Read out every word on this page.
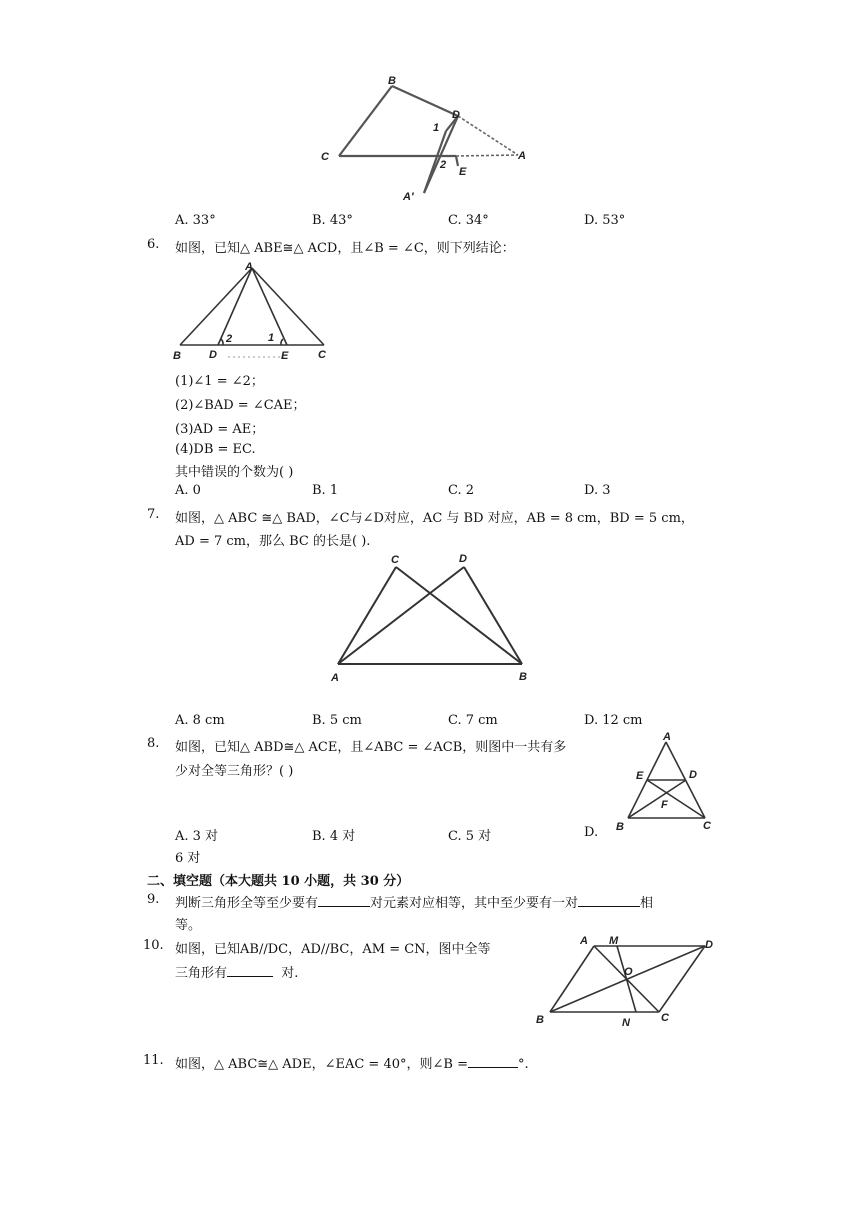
B
D
1
C
2
A
E
A′
A. 33°	B. 43°	C. 34°	D. 53°
6. 如图，已知△ ABE≅△ ACD，且∠B = ∠C，则下列结论：
A
B	D	E	C
2	1
(1)∠1 = ∠2；
(2)∠BAD = ∠CAE；
(3)AD = AE；
(4)DB = EC.
其中错误的个数为( )
A. 0	B. 1	C. 2	D. 3
7. 如图，△ ABC ≅△ BAD，∠C与∠D对应，AC 与 BD 对应，AB = 8 cm，BD = 5 cm，
AD = 7 cm，那么 BC 的长是( ).
C	D
A	B
A. 8 cm	B. 5 cm	C. 7 cm	D. 12 cm
8. 如图，已知△ ABD≅△ ACE，且∠ABC = ∠ACB，则图中一共有多
少对全等三角形？( )
A
E	D
F
B	C
A. 3 对	B. 4 对	C. 5 对	D.
6 对
二、填空题（本大题共 10 小题，共 30 分）
9. 判断三角形全等至少要有	对元素对应相等，其中至少要有一对	相
等。
10. 如图，已知AB//DC，AD//BC，AM = CN，图中全等
三角形有	对.
A M	D
O
B	N	C
11. 如图，△ ABC≅△ ADE，∠EAC = 40°，则∠B =	°.
